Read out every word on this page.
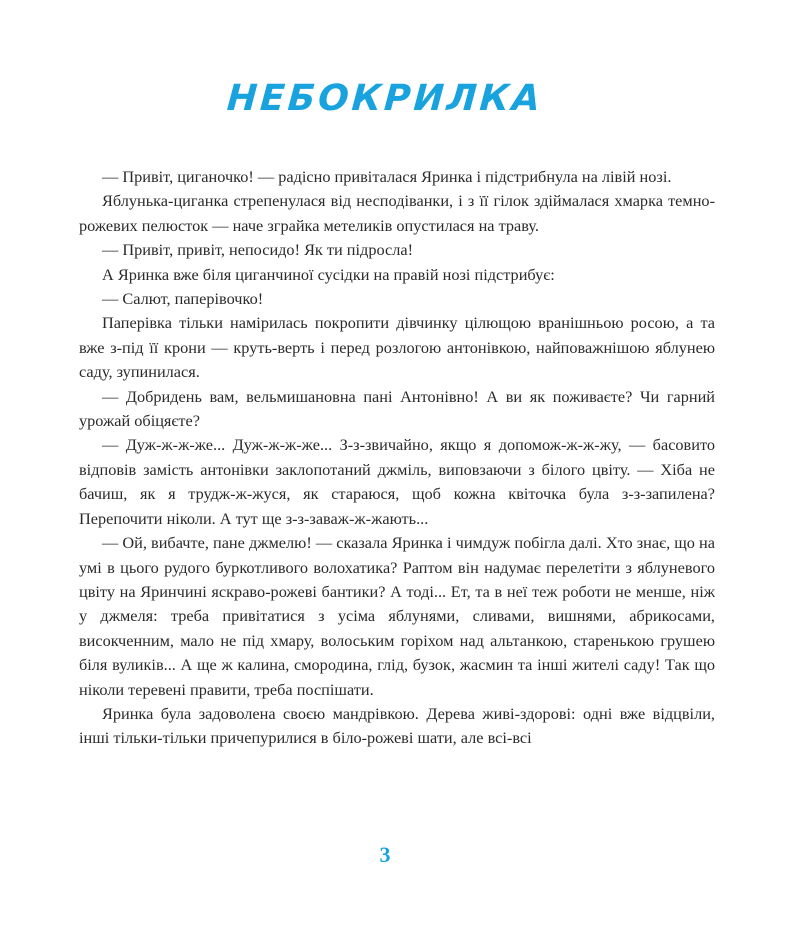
НЕБОКРИЛКА

— Привіт, циганочко! — радісно привіталася Яринка і підстрибнула на лівій нозі.

Яблунька-циганка стрепенулася від несподіванки, і з її гілок здіймалася хмарка темно-рожевих пелюсток — наче зграйка метеликів опустилася на траву.

— Привіт, привіт, непосидо! Як ти підросла!

А Яринка вже біля циганчиної сусідки на правій нозі підстрибує:

— Салют, паперівочко!

Паперівка тільки намірилась покропити дівчинку цілющою вранішньою росою, а та вже з-під її крони — круть-верть і перед розлогою антонівкою, найповажнішою яблунею саду, зупинилася.

— Добридень вам, вельмишановна пані Антонівно! А ви як поживаєте? Чи гарний урожай обіцяєте?

— Дуж-ж-ж-же... Дуж-ж-ж-же... З-з-звичайно, якщо я допомож-ж-ж-жу, — басовито відповів замість антонівки заклопотаний джміль, виповзаючи з білого цвіту. — Хіба не бачиш, як я трудж-ж-жуся, як стараюся, щоб кожна квіточка була з-з-запилена? Перепочити ніколи. А тут ще з-з-заваж-ж-жають...

— Ой, вибачте, пане джмелю! — сказала Яринка і чимдуж побігла далі. Хто знає, що на умі в цього рудого буркотливого волохатика? Раптом він надумає перелетіти з яблуневого цвіту на Яринчині яскраво-рожеві бантики? А тоді... Ет, та в неї теж роботи не менше, ніж у джмеля: треба привітатися з усіма яблунями, сливами, вишнями, абрикосами, високченним, мало не під хмару, волоським горіхом над альтанкою, старенькою грушею біля вуликів... А ще ж калина, смородина, глід, бузок, жасмин та інші жителі саду! Так що ніколи теревені правити, треба поспішати.

Яринка була задоволена своєю мандрівкою. Дерева живі-здорові: одні вже відцвіли, інші тільки-тільки причепурилися в біло-рожеві шати, але всі-всі

3
